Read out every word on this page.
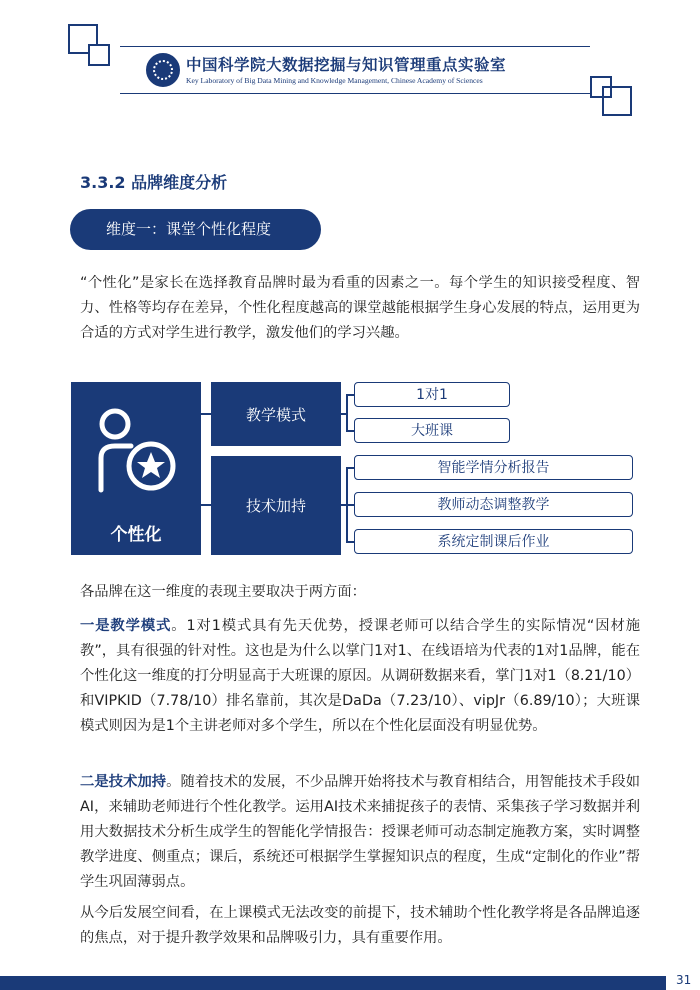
中国科学院大数据挖掘与知识管理重点实验室
Key Laboratory of Big Data Mining and Knowledge Management, Chinese Academy of Sciences
3.3.2 品牌维度分析
维度一：课堂个性化程度

“个性化”是家长在选择教育品牌时最为看重的因素之一。每个学生的知识接受程度、智力、性格等均存在差异，个性化程度越高的课堂越能根据学生身心发展的特点，运用更为合适的方式对学生进行教学，激发他们的学习兴趣。

个性化
教学模式
技术加持
1对1
大班课
智能学情分析报告
教师动态调整教学
系统定制课后作业

各品牌在这一维度的表现主要取决于两方面：

一是教学模式。1对1模式具有先天优势，授课老师可以结合学生的实际情况“因材施教”，具有很强的针对性。这也是为什么以掌门1对1、在线语培为代表的1对1品牌，能在个性化这一维度的打分明显高于大班课的原因。从调研数据来看，掌门1对1（8.21/10）和VIPKID（7.78/10）排名靠前，其次是DaDa（7.23/10）、vipJr（6.89/10）；大班课模式则因为是1个主讲老师对多个学生，所以在个性化层面没有明显优势。

二是技术加持。随着技术的发展，不少品牌开始将技术与教育相结合，用智能技术手段如AI，来辅助老师进行个性化教学。运用AI技术来捕捉孩子的表情、采集孩子学习数据并利用大数据技术分析生成学生的智能化学情报告：授课老师可动态制定施教方案，实时调整教学进度、侧重点；课后，系统还可根据学生掌握知识点的程度，生成“定制化的作业”帮学生巩固薄弱点。

从今后发展空间看，在上课模式无法改变的前提下，技术辅助个性化教学将是各品牌追逐的焦点，对于提升教学效果和品牌吸引力，具有重要作用。

31
